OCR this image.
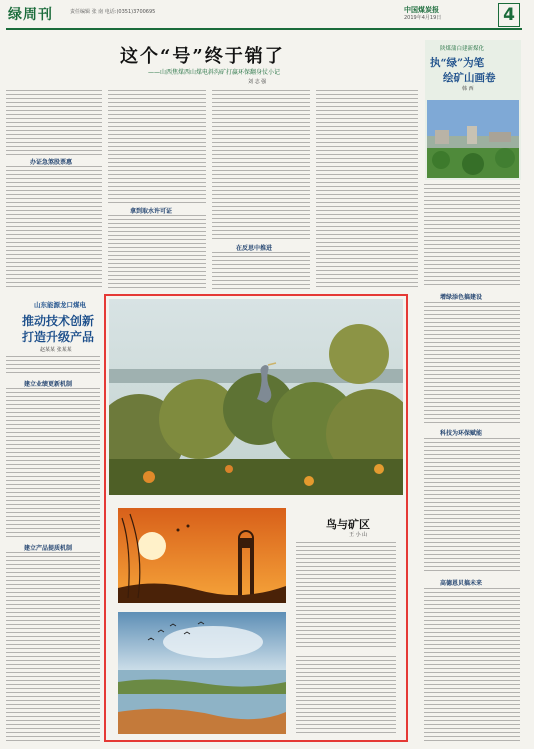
绿周刊	责任编辑 张 南 电话:(0351)3700695	中国煤炭报
2019年4月19日	4
这个“号”终于销了
——山西焦煤西山煤电斜沟矿打赢环保翻身仗小记
刘 志 强
办证急煞股票惠
拿到取水许可证
在反思中推进
山东能源龙口煤电
推动技术创新
打造升级产品
赵某某 张某某
建立业绩更新机制
建立产品提质机制
陕煤蒲白建新煤化
执“绿”为笔
绘矿山画卷
韩 西
增绿添色搞建设
科技为环保赋能
高德恩贝搞未来
鸟与矿区
王 小 山
